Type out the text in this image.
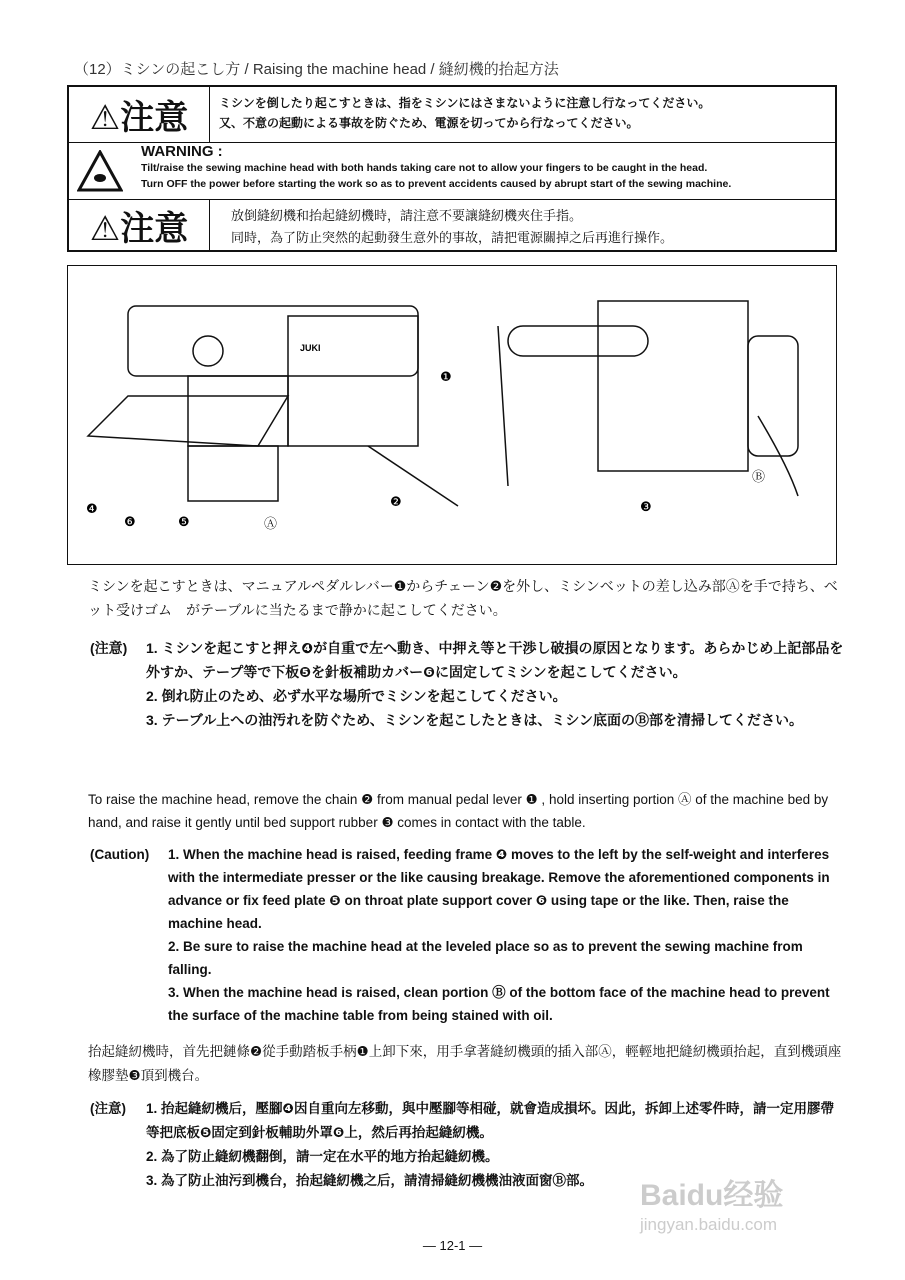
（12）ミシンの起こし方 / Raising the machine head / 縫紉機的抬起方法
⚠注意	ミシンを倒したり起こすときは、指をミシンにはさまないように注意し行なってください。
又、不意の起動による事故を防ぐため、電源を切ってから行なってください。
WARNING :
Tilt/raise the sewing machine head with both hands taking care not to allow your fingers to be caught in the head.
Turn OFF the power before starting the work so as to prevent accidents caused by abrupt start of the sewing machine.
⚠注意	放倒縫紉機和抬起縫紉機時，請注意不要讓縫紉機夾住手指。
同時，為了防止突然的起動發生意外的事故，請把電源關掉之后再進行操作。
JUKI
❶
❷	❸
❹
❺
❻	Ⓐ
Ⓑ
ミシンを起こすときは、マニュアルペダルレバー❶からチェーン❷を外し、ミシンベットの差し込み部Ⓐを手で持ち、ベット受けゴム　がテーブルに当たるまで静かに起こしてください。
(注意) 1. ミシンを起こすと押え❹が自重で左へ動き、中押え等と干渉し破損の原因となります。あらかじめ上記部品を外すか、テープ等で下板❺を針板補助カバー❻に固定してミシンを起こしてください。
2. 倒れ防止のため、必ず水平な場所でミシンを起こしてください。
3. テーブル上への油汚れを防ぐため、ミシンを起こしたときは、ミシン底面のⒷ部を清掃してください。
To raise the machine head, remove the chain ❷ from manual pedal lever ❶ , hold inserting portion Ⓐ of the machine bed by hand, and raise it gently until bed support rubber ❸ comes in contact with the table.
(Caution) 1. When the machine head is raised, feeding frame ❹ moves to the left by the self-weight and interferes with the intermediate presser or the like causing breakage. Remove the aforementioned components in advance or fix feed plate ❺ on throat plate support cover ❻ using tape or the like. Then, raise the machine head.
2. Be sure to raise the machine head at the leveled place so as to prevent the sewing machine from falling.
3. When the machine head is raised, clean portion Ⓑ of the bottom face of the machine head to prevent the surface of the machine table from being stained with oil.
抬起縫紉機時，首先把鏈條❷從手動踏板手柄❶上卸下來，用手拿著縫紉機頭的插入部Ⓐ，輕輕地把縫紉機頭抬起，直到機頭座橡膠墊❸頂到機台。
(注意) 1. 抬起縫紉機后，壓腳❹因自重向左移動，與中壓腳等相碰，就會造成損坏。因此，拆卸上述零件時，請一定用膠帶等把底板❺固定到針板輔助外罩❻上，然后再抬起縫紉機。
2. 為了防止縫紉機翻倒，請一定在水平的地方抬起縫紉機。
3. 為了防止油污到機台，抬起縫紉機之后，請清掃縫紉機機油液面窗Ⓑ部。	Baidu经验
jingyan.baidu.com
— 12-1 —
